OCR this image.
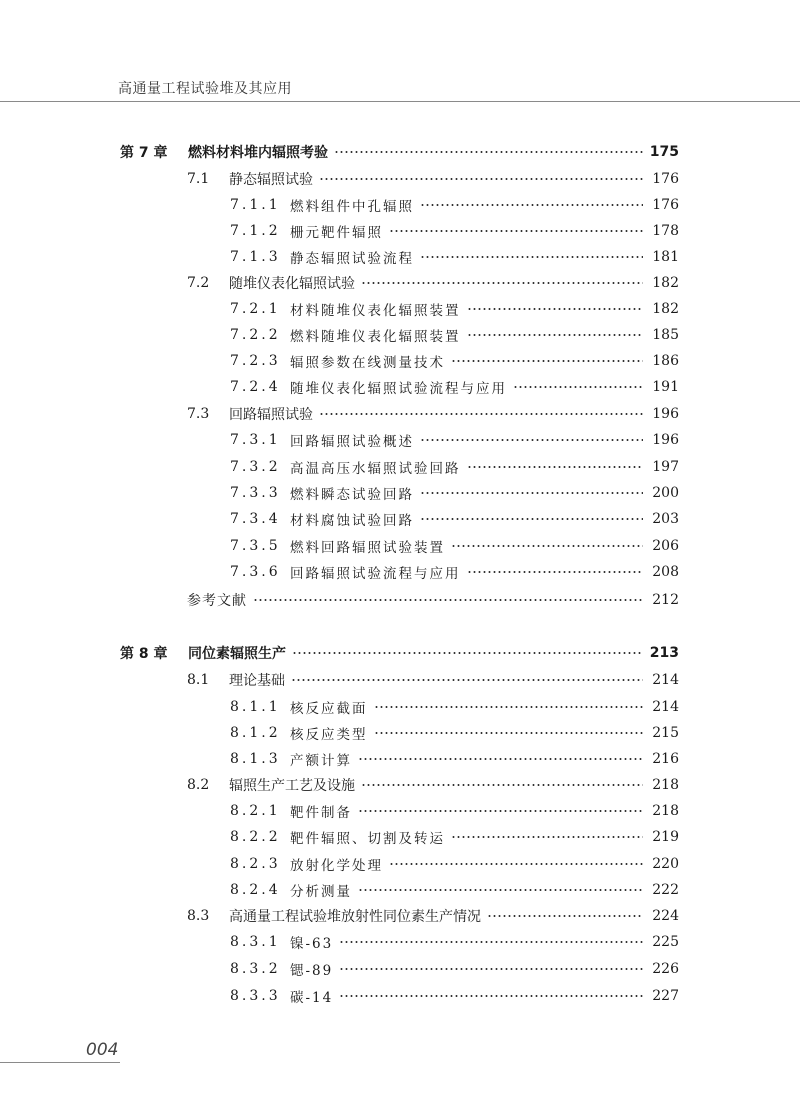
高通量工程试验堆及其应用
第 7 章	燃料材料堆内辐照考验	175
7.1	静态辐照试验	176
7.1.1 燃料组件中孔辐照	176
7.1.2 栅元靶件辐照	178
7.1.3 静态辐照试验流程	181
7.2	随堆仪表化辐照试验	182
7.2.1 材料随堆仪表化辐照装置	182
7.2.2 燃料随堆仪表化辐照装置	185
7.2.3 辐照参数在线测量技术	186
7.2.4 随堆仪表化辐照试验流程与应用	191
7.3	回路辐照试验	196
7.3.1 回路辐照试验概述	196
7.3.2 高温高压水辐照试验回路	197
7.3.3 燃料瞬态试验回路	200
7.3.4 材料腐蚀试验回路	203
7.3.5 燃料回路辐照试验装置	206
7.3.6 回路辐照试验流程与应用	208
参考文献	212
第 8 章	同位素辐照生产	213
8.1	理论基础	214
8.1.1 核反应截面	214
8.1.2 核反应类型	215
8.1.3 产额计算	216
8.2	辐照生产工艺及设施	218
8.2.1 靶件制备	218
8.2.2 靶件辐照、切割及转运	219
8.2.3 放射化学处理	220
8.2.4 分析测量	222
8.3	高通量工程试验堆放射性同位素生产情况	224
8.3.1 镍-63	225
8.3.2 锶-89	226
8.3.3 碳-14	227
004
